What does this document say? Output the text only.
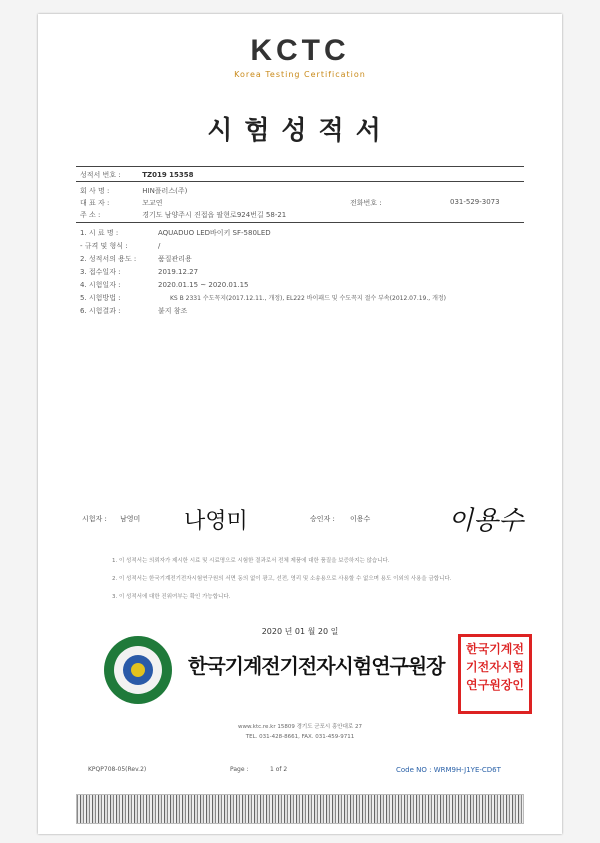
KCTC
Korea Testing Certification
시험성적서
성적서 번호 :	TZ019 15358
회 사 명 :	HIN플러스(주)
대 표 자 :	모교연	전화번호 :	031-529-3073
주 소 :	경기도 남양주시 진접읍 팔현로924번길 58-21
1. 시 료 명 :	AQUADUO LED바이키 SF-580LED
- 규격 및 형식 :	/
2. 성적서의 용도 :	품질관리용
3. 접수일자 :	2019.12.27
4. 시험일자 :	2020.01.15 ~ 2020.01.15
5. 시험방법 :	KS B 2331 수도꼭지(2017.12.11., 개정), EL222 바이패드 및 수도꼭지 절수 부속(2012.07.19., 개정)
6. 시험결과 :	붙지 참조
시험자 : 남영미 나영미	승인자 : 이용수	이용수
1. 이 성적서는 의뢰자가 제시한 시료 및 시료명으로 시험한 결과로서 전체 제품에 대한 품질을 보증하지는 않습니다.
2. 이 성적서는 한국기계전기전자시험연구원의 서면 동의 없이 광고, 선전, 영리 및 소송용으로 사용할 수 없으며 용도 이외의 사용을 금합니다.
3. 이 성적서에 대한 진위여부는 확인 가능합니다.
2020 년 01 월 20 일
한국기계전기전자시험연구원장
한국기계전기전자시험연구원장인
www.ktc.re.kr 15809 경기도 군포시 흥안대로 27
TEL. 031-428-8661, FAX. 031-459-9711
KPQP708-05(Rev.2)	Page :	1 of 2	Code NO : WRM9H-J1YE-CD6T
